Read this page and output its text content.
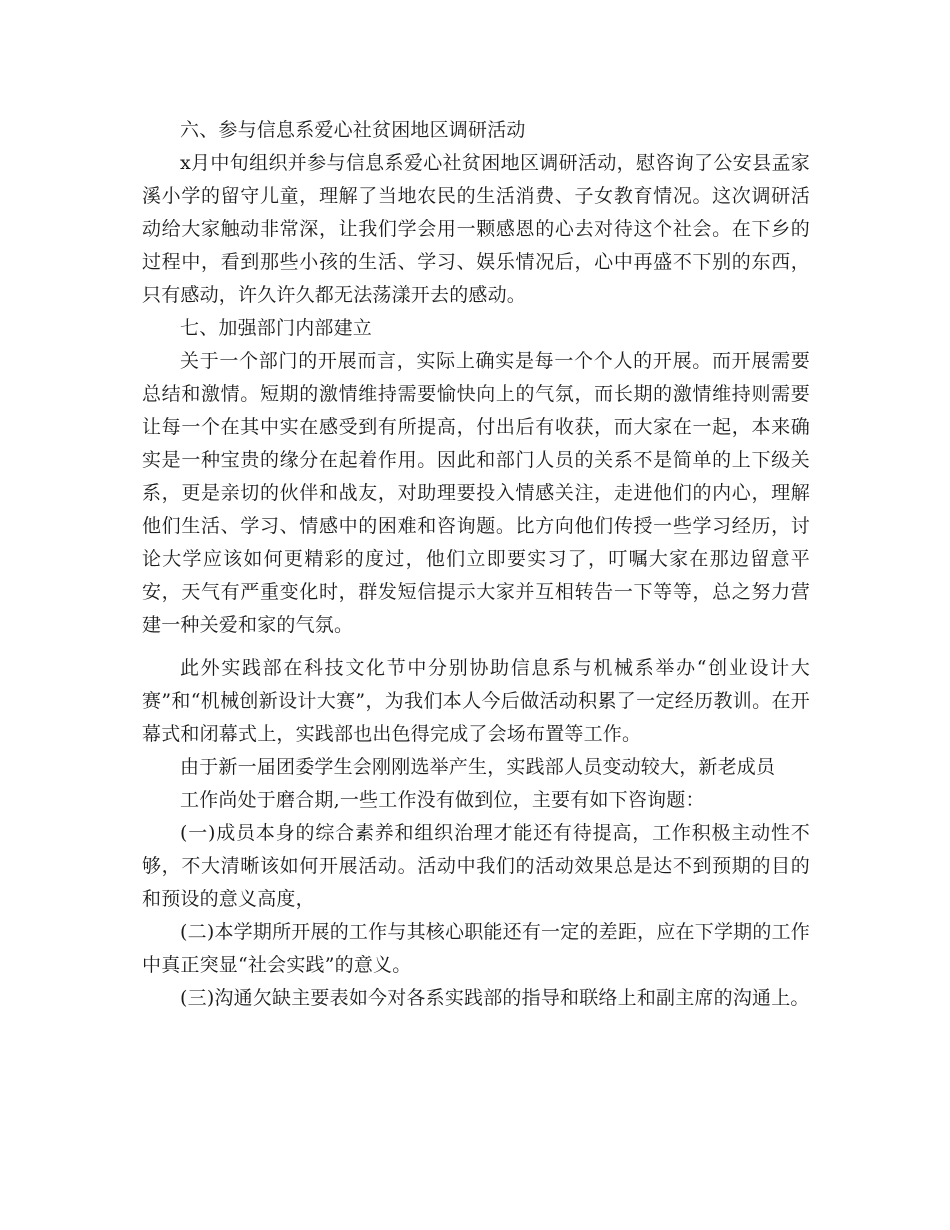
六、参与信息系爱心社贫困地区调研活动

x月中旬组织并参与信息系爱心社贫困地区调研活动，慰咨询了公安县孟家溪小学的留守儿童，理解了当地农民的生活消费、子女教育情况。这次调研活动给大家触动非常深，让我们学会用一颗感恩的心去对待这个社会。在下乡的过程中，看到那些小孩的生活、学习、娱乐情况后，心中再盛不下别的东西，只有感动，许久许久都无法荡漾开去的感动。

七、加强部门内部建立

关于一个部门的开展而言，实际上确实是每一个个人的开展。而开展需要总结和激情。短期的激情维持需要愉快向上的气氛，而长期的激情维持则需要让每一个在其中实在感受到有所提高，付出后有收获，而大家在一起，本来确实是一种宝贵的缘分在起着作用。因此和部门人员的关系不是简单的上下级关系，更是亲切的伙伴和战友，对助理要投入情感关注，走进他们的内心，理解他们生活、学习、情感中的困难和咨询题。比方向他们传授一些学习经历，讨论大学应该如何更精彩的度过，他们立即要实习了，叮嘱大家在那边留意平安，天气有严重变化时，群发短信提示大家并互相转告一下等等，总之努力营建一种关爱和家的气氛。

此外实践部在科技文化节中分别协助信息系与机械系举办“创业设计大赛”和“机械创新设计大赛”，为我们本人今后做活动积累了一定经历教训。在开幕式和闭幕式上，实践部也出色得完成了会场布置等工作。

由于新一届团委学生会刚刚选举产生，实践部人员变动较大，新老成员

工作尚处于磨合期,一些工作没有做到位，主要有如下咨询题：

(一)成员本身的综合素养和组织治理才能还有待提高，工作积极主动性不够，不大清晰该如何开展活动。活动中我们的活动效果总是达不到预期的目的和预设的意义高度，

(二)本学期所开展的工作与其核心职能还有一定的差距，应在下学期的工作中真正突显“社会实践”的意义。

(三)沟通欠缺主要表如今对各系实践部的指导和联络上和副主席的沟通上。
